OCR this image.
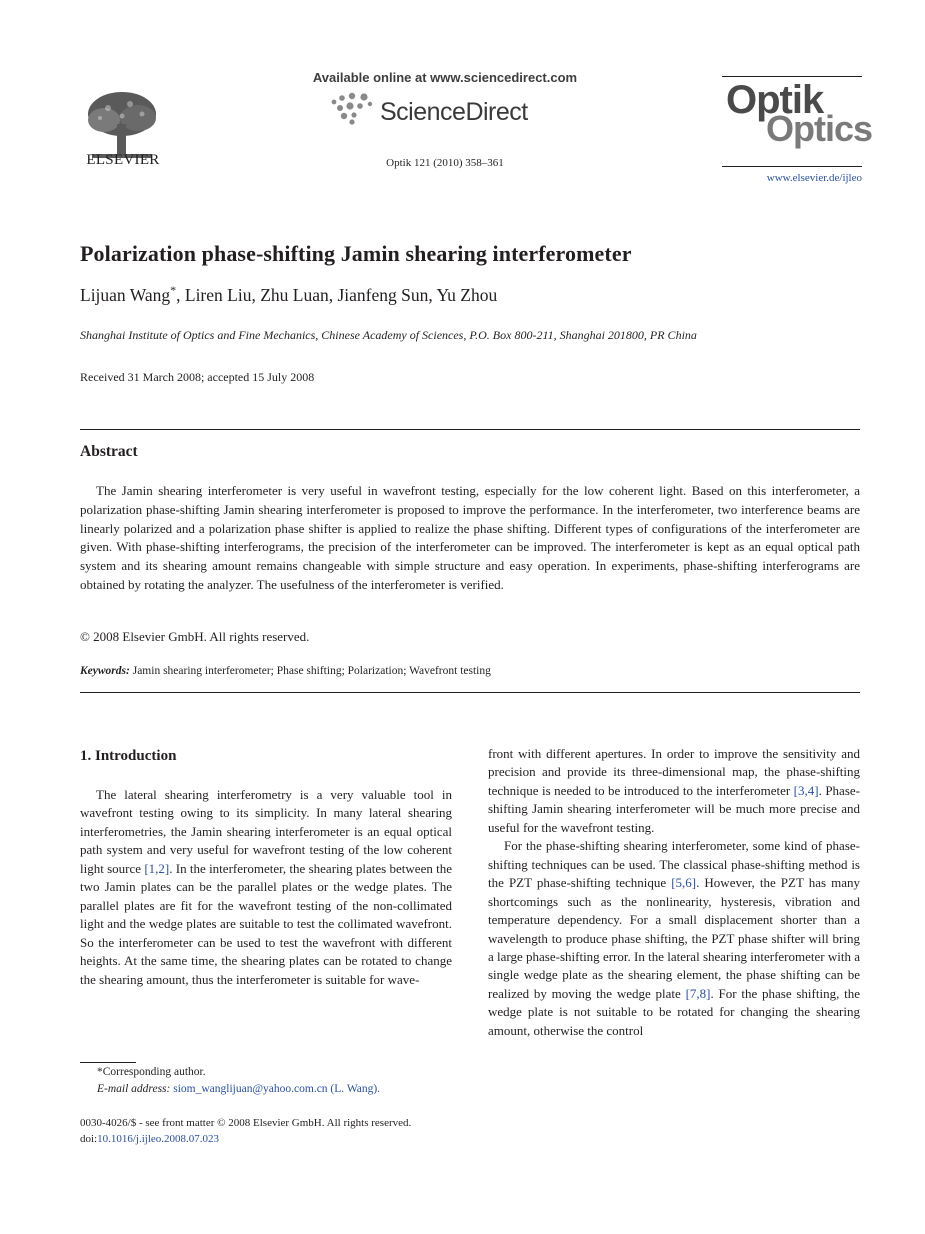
ELSEVIER
Available online at www.sciencedirect.com
ScienceDirect
Optik 121 (2010) 358–361
Optik
Optics
www.elsevier.de/ijleo
Polarization phase-shifting Jamin shearing interferometer
Lijuan Wang*, Liren Liu, Zhu Luan, Jianfeng Sun, Yu Zhou
Shanghai Institute of Optics and Fine Mechanics, Chinese Academy of Sciences, P.O. Box 800-211, Shanghai 201800, PR China
Received 31 March 2008; accepted 15 July 2008
Abstract

The Jamin shearing interferometer is very useful in wavefront testing, especially for the low coherent light. Based on this interferometer, a polarization phase-shifting Jamin shearing interferometer is proposed to improve the performance. In the interferometer, two interference beams are linearly polarized and a polarization phase shifter is applied to realize the phase shifting. Different types of configurations of the interferometer are given. With phase-shifting interferograms, the precision of the interferometer can be improved. The interferometer is kept as an equal optical path system and its shearing amount remains changeable with simple structure and easy operation. In experiments, phase-shifting interferograms are obtained by rotating the analyzer. The usefulness of the interferometer is verified.

© 2008 Elsevier GmbH. All rights reserved.
Keywords: Jamin shearing interferometer; Phase shifting; Polarization; Wavefront testing
1. Introduction

The lateral shearing interferometry is a very valuable tool in wavefront testing owing to its simplicity. In many lateral shearing interferometries, the Jamin shearing interferometer is an equal optical path system and very useful for wavefront testing of the low coherent light source [1,2]. In the interferometer, the shearing plates between the two Jamin plates can be the parallel plates or the wedge plates. The parallel plates are fit for the wavefront testing of the non-collimated light and the wedge plates are suitable to test the collimated wavefront. So the interferometer can be used to test the wavefront with different heights. At the same time, the shearing plates can be rotated to change the shearing amount, thus the interferometer is suitable for wave-

front with different apertures. In order to improve the sensitivity and precision and provide its three-dimensional map, the phase-shifting technique is needed to be introduced to the interferometer [3,4]. Phase-shifting Jamin shearing interferometer will be much more precise and useful for the wavefront testing.

For the phase-shifting shearing interferometer, some kind of phase-shifting techniques can be used. The classical phase-shifting method is the PZT phase-shifting technique [5,6]. However, the PZT has many shortcomings such as the nonlinearity, hysteresis, vibration and temperature dependency. For a small displacement shorter than a wavelength to produce phase shifting, the PZT phase shifter will bring a large phase-shifting error. In the lateral shearing interferometer with a single wedge plate as the shearing element, the phase shifting can be realized by moving the wedge plate [7,8]. For the phase shifting, the wedge plate is not suitable to be rotated for changing the shearing amount, otherwise the control

*Corresponding author.
E-mail address: siom_wanglijuan@yahoo.com.cn (L. Wang).
0030-4026/$ - see front matter © 2008 Elsevier GmbH. All rights reserved.
doi:10.1016/j.ijleo.2008.07.023
